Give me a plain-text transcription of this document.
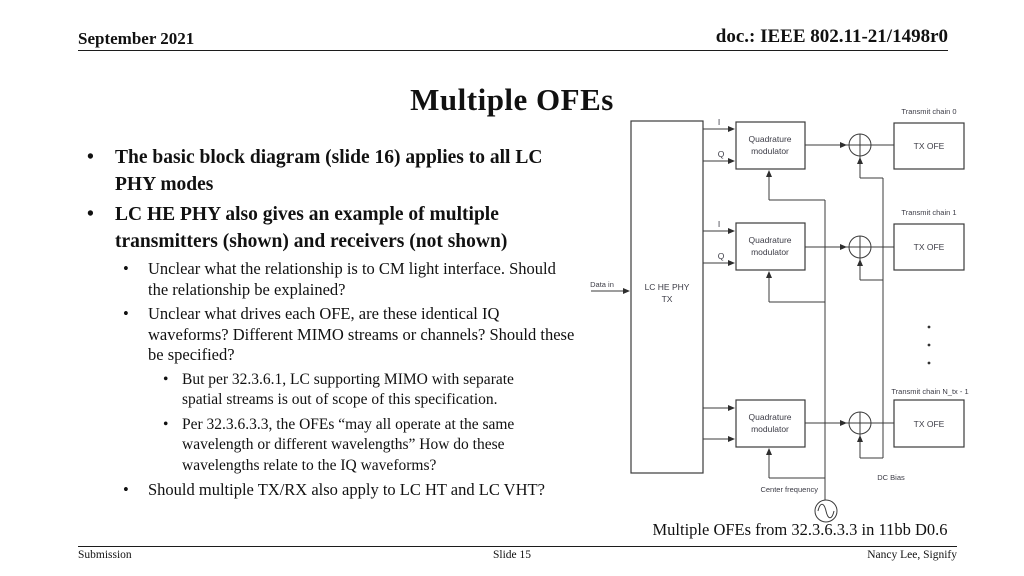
September 2021	doc.: IEEE 802.11-21/1498r0
Multiple OFEs
• The basic block diagram (slide 16) applies to all LC PHY modes
• LC HE PHY also gives an example of multiple transmitters (shown) and receivers (not shown)
• Unclear what the relationship is to CM light interface. Should the relationship be explained?
• Unclear what drives each OFE, are these identical IQ waveforms? Different MIMO streams or channels? Should these be specified?
• But per 32.3.6.1, LC supporting MIMO with separate spatial streams is out of scope of this specification.
• Per 32.3.6.3.3, the OFEs “may all operate at the same wavelength or different wavelengths” How do these wavelengths relate to the IQ waveforms?
• Should multiple TX/RX also apply to LC HT and LC VHT?
Data in	LC HE PHY
TX
I
Q
Quadrature
modulator	TX OFE
Transmit chain 0
I
Q
Quadrature
modulator	TX OFE
Transmit chain 1
Quadrature
modulator	TX OFE
Transmit chain N_tx - 1
DC Bias
Center frequency
Multiple OFEs from 32.3.6.3.3 in 11bb D0.6
Submission	Slide 15	Nancy Lee, Signify
